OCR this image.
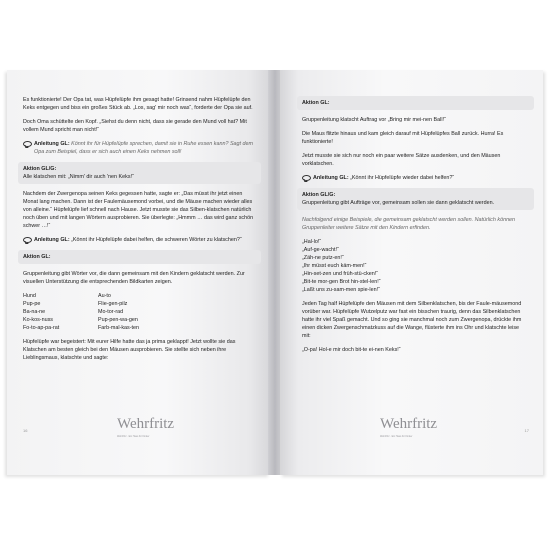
Es funktionierte! Der Opa tat, was Hüpfelüpfe ihm gesagt hatte! Grinsend nahm Hüpfelüpfe den Keks entgegen und biss ein großes Stück ab. „Los, sag' mir noch was“, forderte der Opa sie auf.

Doch Oma schüttelte den Kopf. „Siehst du denn nicht, dass sie gerade den Mund voll hat? Mit vollem Mund spricht man nicht!“

Anleitung GL: Könnt ihr für Hüpfelüpfe sprechen, damit sie in Ruhe essen kann? Sagt dem Opa zum Beispiel, dass er sich auch einen Keks nehmen soll!
Aktion GL/G:
Alle klatschen mit: „Nimm' dir auch 'nen Keks!“

Nachdem der Zwergenopa seinen Keks gegessen hatte, sagte er: „Das müsst ihr jetzt einen Monat lang machen. Dann ist der Faulemäusemond vorbei, und die Mäuse machen wieder alles von alleine.“ Hüpfelüpfe lief schnell nach Hause. Jetzt musste sie das Silben-klatschen natürlich noch üben und mit langen Wörtern ausprobieren. Sie überlegte: „Hmmm … das wird ganz schön schwer …!“

Anleitung GL: „Könnt ihr Hüpfelüpfe dabei helfen, die schweren Wörter zu klatschen?“
Aktion GL:
Gruppenleitung gibt Wörter vor, die dann gemeinsam mit den Kindern geklatscht werden. Zur visuellen Unterstützung die entsprechenden Bildkarten zeigen.
Hund	Au-to
Pup-pe	Flie-gen-pilz
Ba-na-ne	Mo-tor-rad
Ko-kos-nuss	Pup-pen-wa-gen
Fo-to-ap-pa-rat	Farb-mal-kas-ten

Hüpfelüpfe war begeistert: Mit eurer Hilfe hatte das ja prima geklappt! Jetzt wollte sie das Klatschen am besten gleich bei den Mäusen ausprobieren. Sie stellte sich neben ihre Lieblingsmaus, klatschte und sagte:

16	Wehrfritz
Wehrfritz · Ein Haus für Kinder
Aktion GL:
Gruppenleitung klatscht Auftrag vor „Bring mir mei-nen Ball!“

Die Maus flitzte hinaus und kam gleich darauf mit Hüpfelüpfes Ball zurück. Hurra! Es funktionierte!

Jetzt musste sie sich nur noch ein paar weitere Sätze ausdenken, und den Mäusen vorklatschen.

Anleitung GL: „Könnt ihr Hüpfelüpfe wieder dabei helfen?“
Aktion GL/G:
Gruppenleitung gibt Aufträge vor, gemeinsam sollen sie dann geklatscht werden.

Nachfolgend einige Beispiele, die gemeinsam geklatscht werden sollen. Natürlich können Gruppenleiter weitere Sätze mit den Kindern erfinden.

„Hal-lo!“
„Auf-ge-wacht!“
„Zäh-ne putz-en!“
„Ihr müsst euch käm-men!“
„Hin-set-zen und früh-stü-cken!“
„Bit-te mor-gen Brot hin-stel-len!“
„Laßt uns zu-sam-men spie-len!“

Jeden Tag half Hüpfelüpfe den Mäusen mit dem Silbenklatschen, bis der Faule-mäusemond vorüber war. Hüpfelüpfe Wutzelputz war fast ein bisschen traurig, denn das Silbenklatschen hatte ihr viel Spaß gemacht. Und so ging sie manchmal noch zum Zwergenopa, drückte ihm einen dicken Zwergenschmatzkuss auf die Wange, flüsterte ihm ins Ohr und klatschte leise mit:

„O-pa! Hol-e mir doch bit-te ei-nen Keks!“

17
Wehrfritz
Wehrfritz · Ein Haus für Kinder
